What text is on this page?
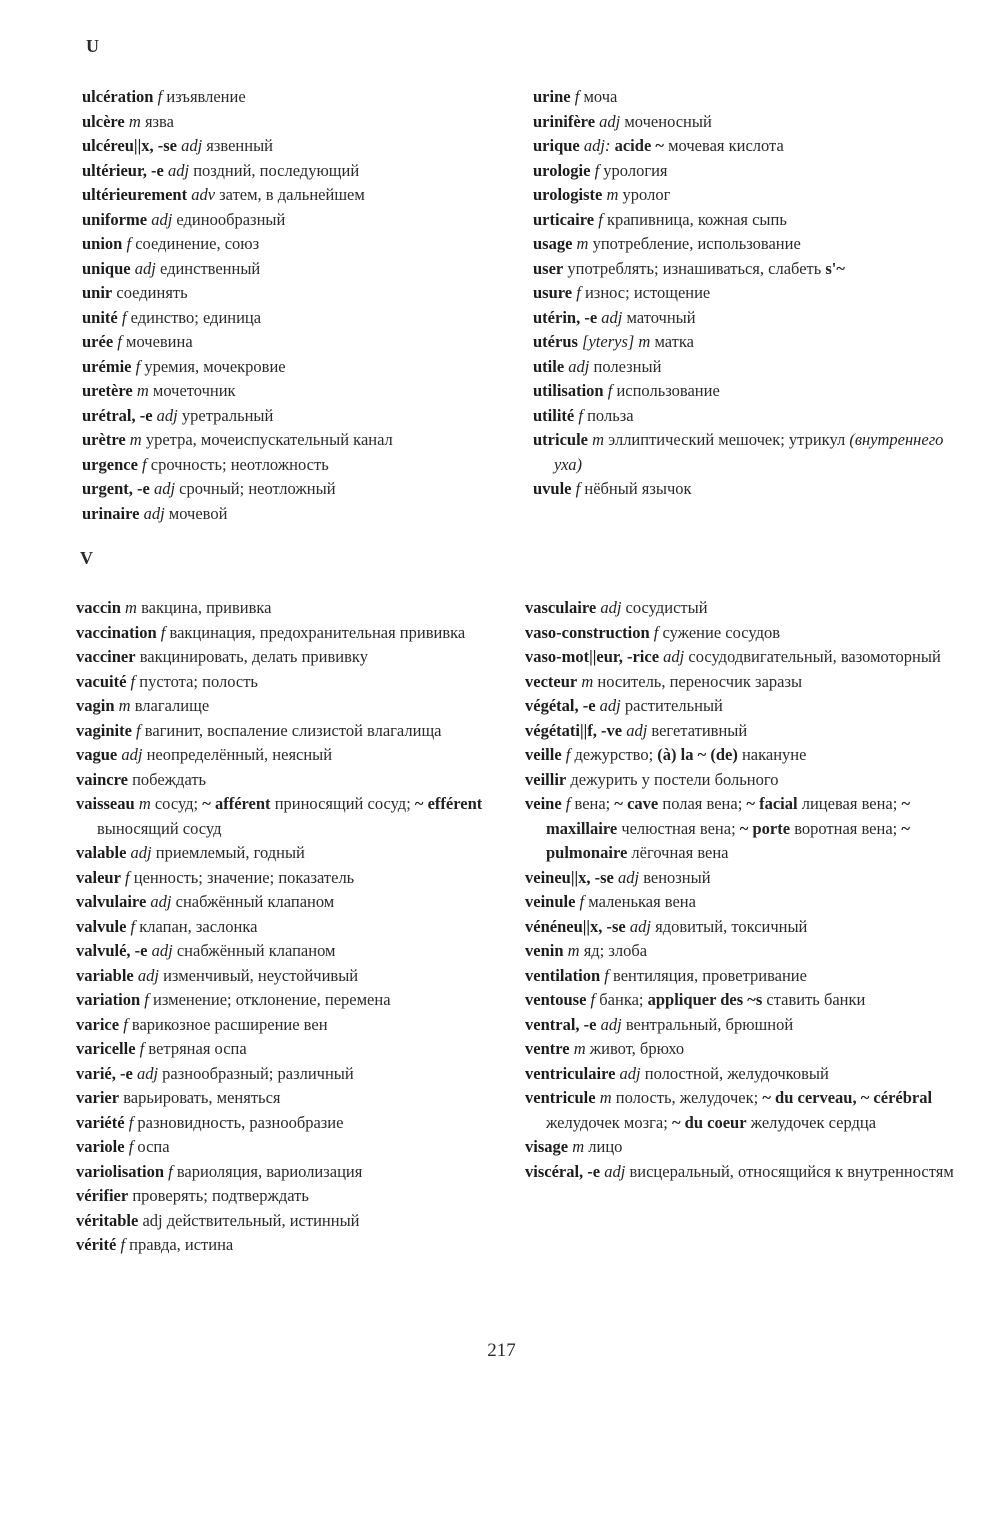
U
ulcération f изъявление
ulcère m язва
ulcéreu||x, -se adj язвенный
ultérieur, -e adj поздний, последующий
ultérieurement adv затем, в дальнейшем
uniforme adj единообразный
union f соединение, союз
unique adj единственный
unir соединять
unité f единство; единица
urée f мочевина
urémie f уремия, мочекровие
uretère m мочеточник
urétral, -e adj уретральный
urètre m уретра, мочеиспускательный канал
urgence f срочность; неотложность
urgent, -e adj срочный; неотложный
urinaire adj мочевой
urine f моча
urinifère adj моченосный
urique adj: acide ~ мочевая кислота
urologie f урология
urologiste m уролог
urticaire f крапивница, кожная сыпь
usage m употребление, использование
user употреблять; изнашиваться, слабеть s'~
usure f износ; истощение
utérin, -e adj маточный
utérus [yterys] m матка
utile adj полезный
utilisation f использование
utilité f польза
utricule m эллиптический мешочек; утрикул (внутреннего уха)
uvule f нёбный язычок
V
vaccin m вакцина, прививка
vaccination f вакцинация, предохранительная прививка
vacciner вакцинировать, делать прививку
vacuité f пустота; полость
vagin m влагалище
vaginite f вагинит, воспаление слизистой влагалища
vague adj неопределённый, неясный
vaincre побеждать
vaisseau m сосуд; ~ afférent приносящий сосуд; ~ efférent выносящий сосуд
valable adj приемлемый, годный
valeur f ценность; значение; показатель
valvulaire adj снабжённый клапаном
valvule f клапан, заслонка
valvulé, -e adj снабжённый клапаном
variable adj изменчивый, неустойчивый
variation f изменение; отклонение, перемена
varice f варикозное расширение вен
varicelle f ветряная оспа
varié, -e adj разнообразный; различный
varier варьировать, меняться
variété f разновидность, разнообразие
variole f оспа
variolisation f вариоляция, вариолизация
vérifier проверять; подтверждать
véritable adj действительный, истинный
vérité f правда, истина
vasculaire adj сосудистый
vaso-construction f сужение сосудов
vaso-mot||eur, -rice adj сосудодвигательный, вазомоторный
vecteur m носитель, переносчик заразы
végétal, -e adj растительный
végétati||f, -ve adj вегетативный
veille f дежурство; (à) la ~ (de) накануне
veillir дежурить у постели больного
veine f вена; ~ cave полая вена; ~ facial лицевая вена; ~ maxillaire челюстная вена; ~ porte воротная вена; ~ pulmonaire лёгочная вена
veineu||x, -se adj венозный
veinule f маленькая вена
vénéneu||x, -se adj ядовитый, токсичный
venin m яд; злоба
ventilation f вентиляция, проветривание
ventouse f банка; appliquer des ~s ставить банки
ventral, -e adj вентральный, брюшной
ventre m живот, брюхо
ventriculaire adj полостной, желудочковый
ventricule m полость, желудочек; ~ du cerveau, ~ cérébral желудочек мозга; ~ du coeur желудочек сердца
visage m лицо
viscéral, -e adj висцеральный, относящийся к внутренностям
217
